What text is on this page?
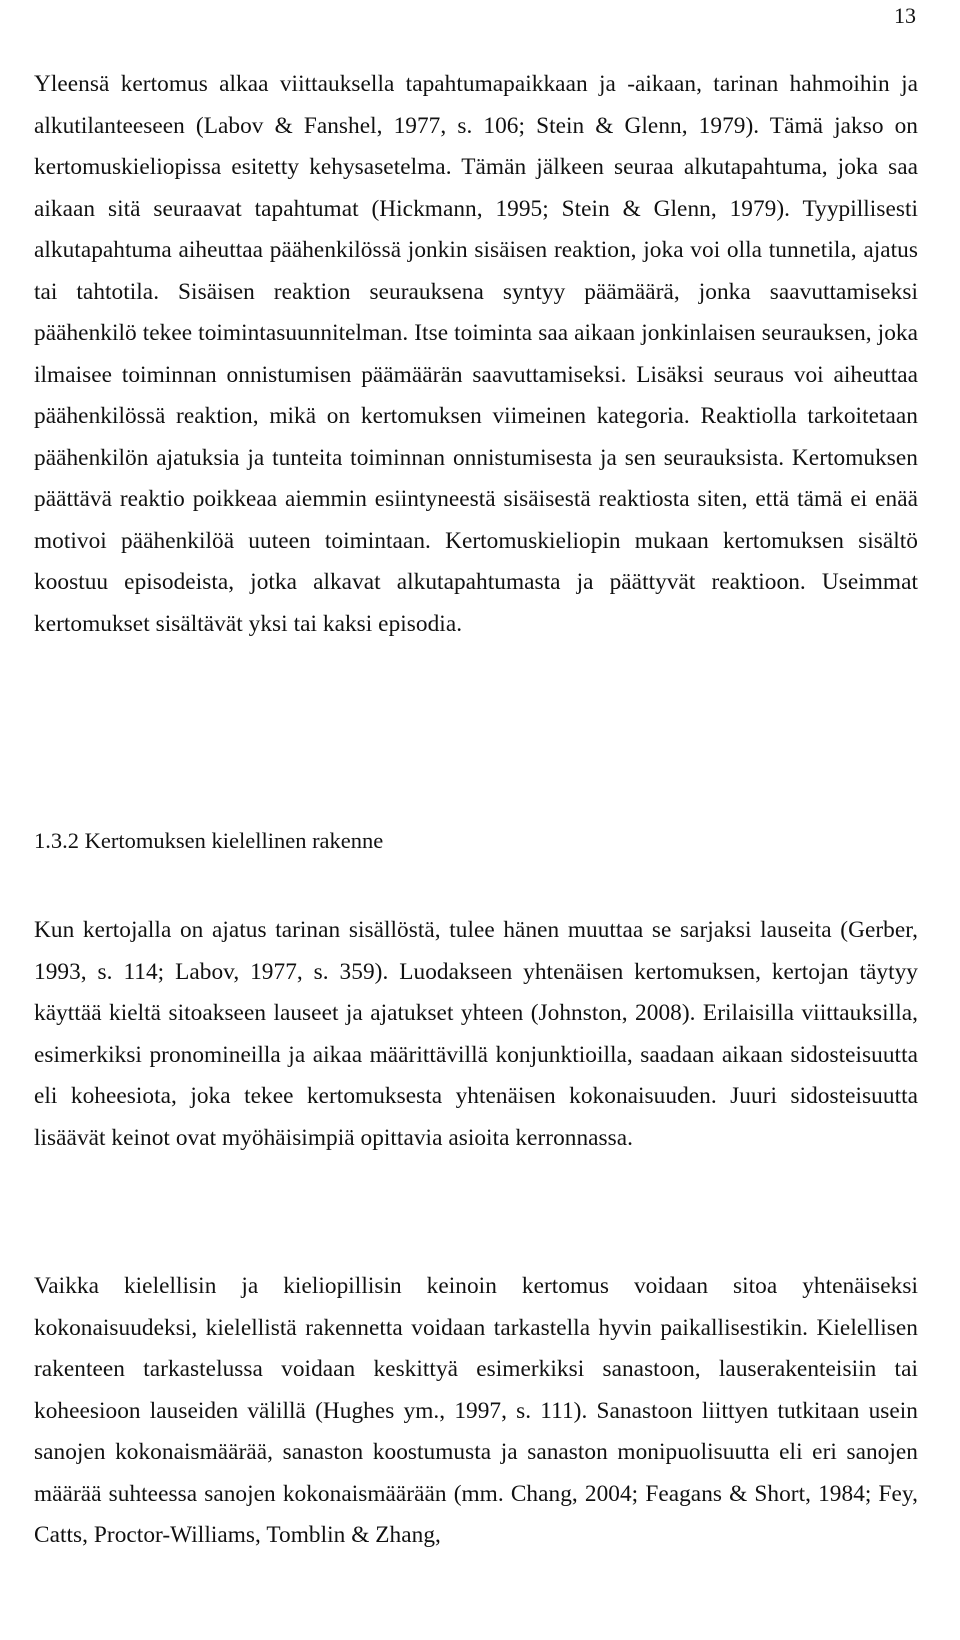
13

Yleensä kertomus alkaa viittauksella tapahtumapaikkaan ja -aikaan, tarinan hahmoihin ja alkutilanteeseen (Labov & Fanshel, 1977, s. 106; Stein & Glenn, 1979). Tämä jakso on kertomuskieliopissa esitetty kehysasetelma. Tämän jälkeen seuraa alkutapahtuma, joka saa aikaan sitä seuraavat tapahtumat (Hickmann, 1995; Stein & Glenn, 1979). Tyypillisesti alkutapahtuma aiheuttaa päähenkilössä jonkin sisäisen reaktion, joka voi olla tunnetila, ajatus tai tahtotila. Sisäisen reaktion seurauksena syntyy päämäärä, jonka saavuttamiseksi päähenkilö tekee toimintasuunnitelman. Itse toiminta saa aikaan jonkinlaisen seurauksen, joka ilmaisee toiminnan onnistumisen päämäärän saavuttamiseksi. Lisäksi seuraus voi aiheuttaa päähenkilössä reaktion, mikä on kertomuksen viimeinen kategoria. Reaktiolla tarkoitetaan päähenkilön ajatuksia ja tunteita toiminnan onnistumisesta ja sen seurauksista. Kertomuksen päättävä reaktio poikkeaa aiemmin esiintyneestä sisäisestä reaktiosta siten, että tämä ei enää motivoi päähenkilöä uuteen toimintaan. Kertomuskieliopin mukaan kertomuksen sisältö koostuu episodeista, jotka alkavat alkutapahtumasta ja päättyvät reaktioon. Useimmat kertomukset sisältävät yksi tai kaksi episodia.

1.3.2 Kertomuksen kielellinen rakenne

Kun kertojalla on ajatus tarinan sisällöstä, tulee hänen muuttaa se sarjaksi lauseita (Gerber, 1993, s. 114; Labov, 1977, s. 359). Luodakseen yhtenäisen kertomuksen, kertojan täytyy käyttää kieltä sitoakseen lauseet ja ajatukset yhteen (Johnston, 2008). Erilaisilla viittauksilla, esimerkiksi pronomineilla ja aikaa määrittävillä konjunktioilla, saadaan aikaan sidosteisuutta eli koheesiota, joka tekee kertomuksesta yhtenäisen kokonaisuuden. Juuri sidosteisuutta lisäävät keinot ovat myöhäisimpiä opittavia asioita kerronnassa.

Vaikka kielellisin ja kieliopillisin keinoin kertomus voidaan sitoa yhtenäiseksi kokonaisuudeksi, kielellistä rakennetta voidaan tarkastella hyvin paikallisestikin. Kielellisen rakenteen tarkastelussa voidaan keskittyä esimerkiksi sanastoon, lauserakenteisiin tai koheesioon lauseiden välillä (Hughes ym., 1997, s. 111). Sanastoon liittyen tutkitaan usein sanojen kokonaismäärää, sanaston koostumusta ja sanaston monipuolisuutta eli eri sanojen määrää suhteessa sanojen kokonaismäärään (mm. Chang, 2004; Feagans & Short, 1984; Fey, Catts, Proctor-Williams, Tomblin & Zhang,
